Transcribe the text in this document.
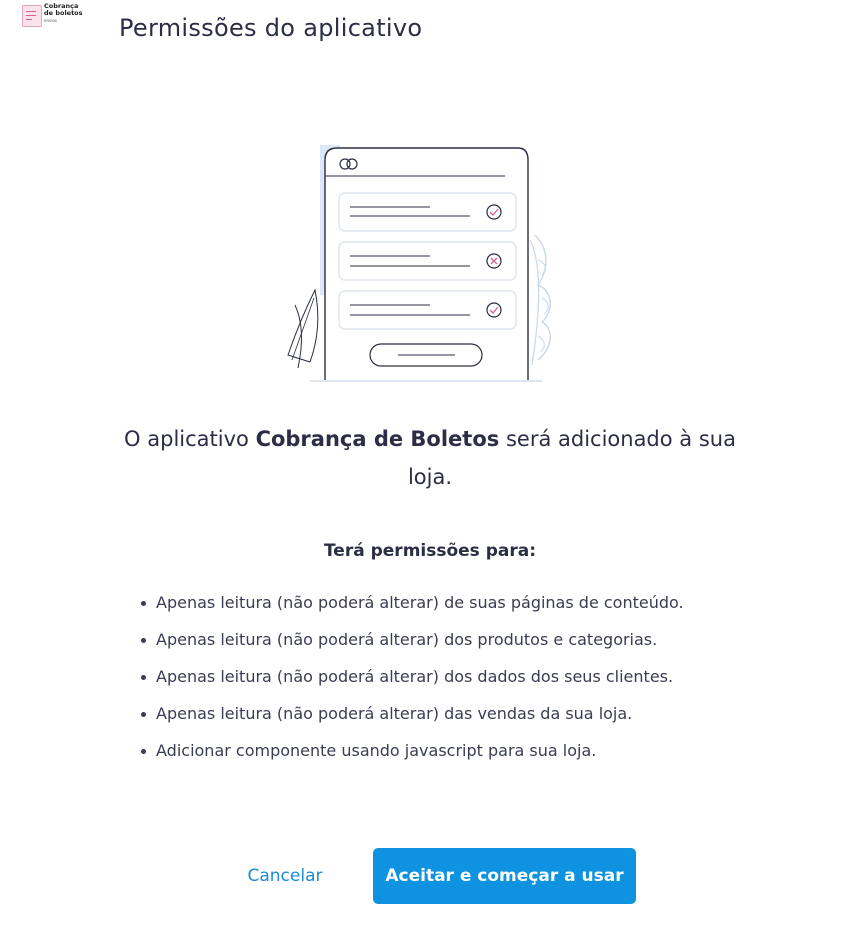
Cobrança
de boletos
envios	Permissões do aplicativo

O aplicativo Cobrança de Boletos será adicionado à sua loja.

Terá permissões para:
Apenas leitura (não poderá alterar) de suas páginas de conteúdo.
Apenas leitura (não poderá alterar) dos produtos e categorias.
Apenas leitura (não poderá alterar) dos dados dos seus clientes.
Apenas leitura (não poderá alterar) das vendas da sua loja.
Adicionar componente usando javascript para sua loja.
Cancelar	Aceitar e começar a usar
